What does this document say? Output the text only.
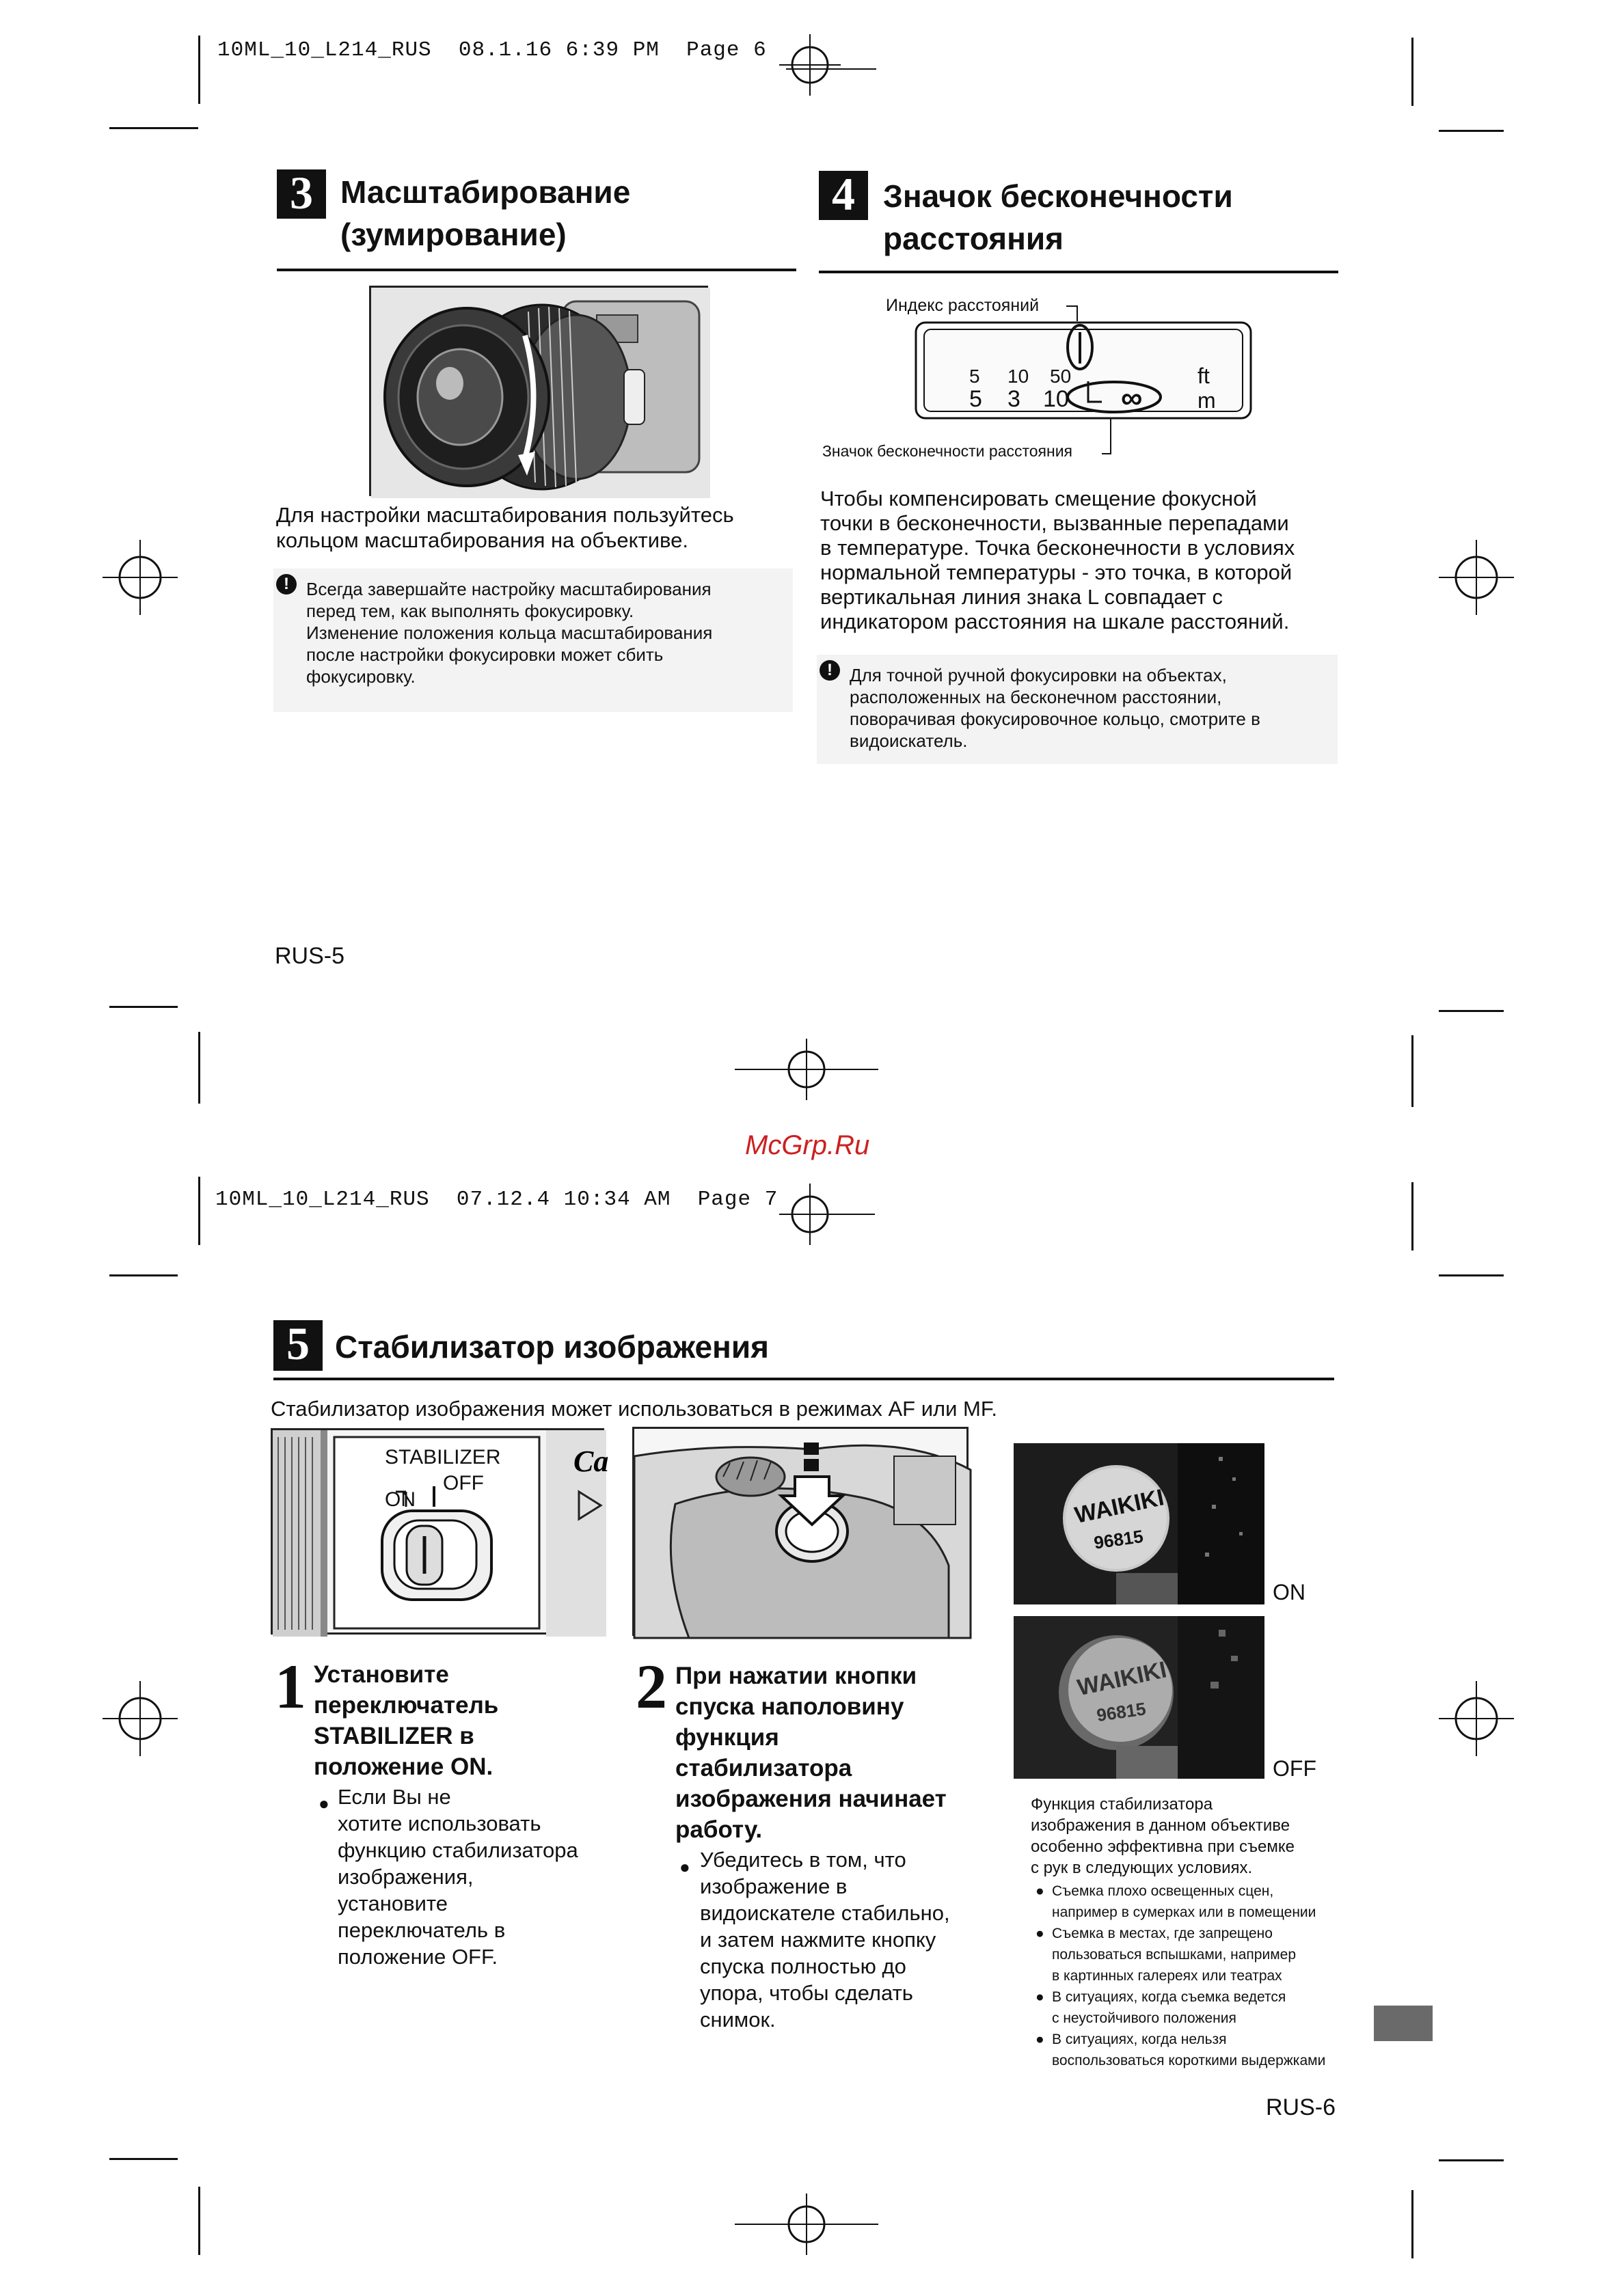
10ML_10_L214_RUS  08.1.16 6:39 PM  Page 6
3 Масштабирование
(зумирование)
Для настройки масштабирования пользуйтесь
кольцом масштабирования на объективе.
! Всегда завершайте настройку масштабирования
перед тем, как выполнять фокусировку.
Изменение положения кольца масштабирования
после настройки фокусировки может сбить
фокусировку.
4 Значок бесконечности
расстояния
Индекс расстояний
5 10 50
5 3 10 ∞
ft
m
Значок бесконечности расстояния
Чтобы компенсировать смещение фокусной
точки в бесконечности, вызванные перепадами
в температуре. Точка бесконечности в условиях
нормальной температуры - это точка, в которой
вертикальная линия знака L совпадает с
индикатором расстояния на шкале расстояний.
! Для точной ручной фокусировки на объектах,
расположенных на бесконечном расстоянии,
поворачивая фокусировочное кольцо, смотрите в
видоискатель.
RUS-5
McGrp.Ru
10ML_10_L214_RUS  07.12.4 10:34 AM  Page 7
5 Стабилизатор изображения
Стабилизатор изображения может использоваться в режимах AF или MF.
Ca
STABILIZER
ON
OFF
1 Установите
переключатель
STABILIZER в
положение ON.
● Если Вы не
хотите использовать
функцию стабилизатора
изображения,
установите
переключатель в
положение OFF.
2 При нажатии кнопки
спуска наполовину
функция
стабилизатора
изображения начинает
работу.
● Убедитесь в том, что
изображение в
видоискателе стабильно,
и затем нажмите кнопку
спуска полностью до
упора, чтобы сделать
снимок.
WAIKIKI
96815
ON
WAIKIKI
96815
OFF
Функция стабилизатора
изображения в данном объективе
особенно эффективна при съемке
с рук в следующих условиях.
● Съемка плохо освещенных сцен,
например в сумерках или в помещении
● Съемка в местах, где запрещено
пользоваться вспышками, например
в картинных галереях или театрах
● В ситуациях, когда съемка ведется
с неустойчивого положения
● В ситуациях, когда нельзя
воспользоваться короткими выдержками
RUS-6
